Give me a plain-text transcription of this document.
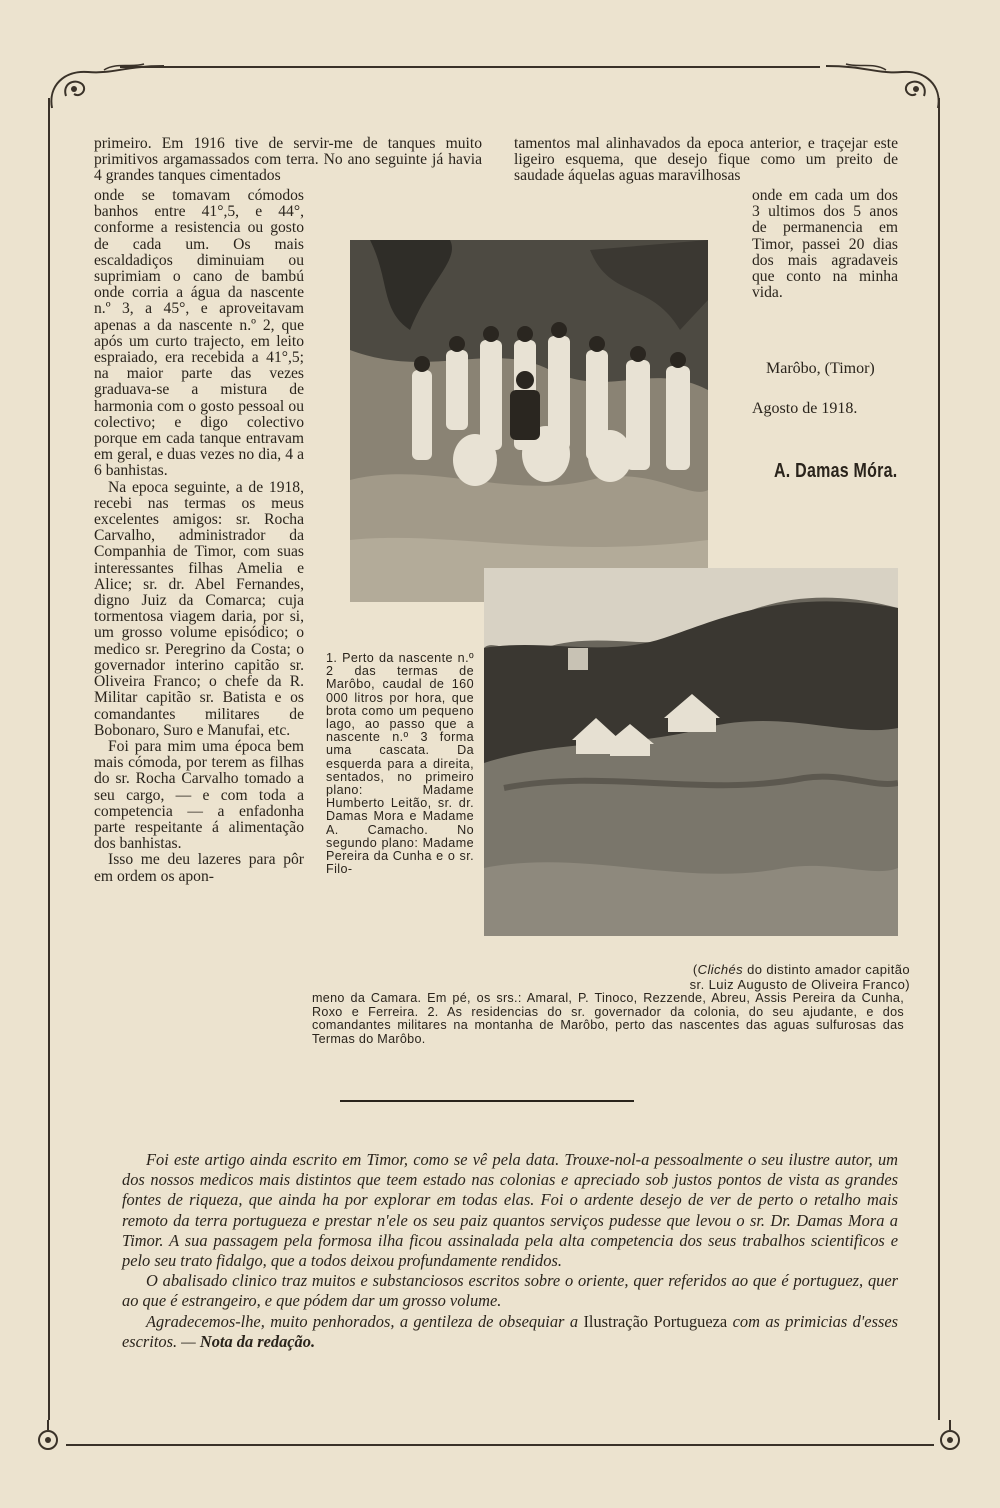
primeiro. Em 1916 tive de servir-me de tanques muito primitivos argamassados com terra. No ano seguinte já havia 4 grandes tanques cimentados

onde se tomavam cómodos banhos entre 41°,5, e 44°, conforme a resistencia ou gosto de cada um. Os mais escaldadiços diminuiam ou suprimiam o cano de bambú onde corria a água da nascente n.º 3, a 45°, e aproveitavam apenas a da nascente n.º 2, que após um curto trajecto, em leito espraiado, era recebida a 41°,5; na maior parte das vezes graduava-se a mistura de harmonia com o gosto pessoal ou colectivo; e digo colectivo porque em cada tanque entravam em geral, e duas vezes no dia, 4 a 6 banhistas.

Na epoca seguinte, a de 1918, recebi nas termas os meus excelentes amigos: sr. Rocha Carvalho, administrador da Companhia de Timor, com suas interessantes filhas Amelia e Alice; sr. dr. Abel Fernandes, digno Juiz da Comarca; cuja tormentosa viagem daria, por si, um grosso volume episódico; o medico sr. Peregrino da Costa; o governador interino capitão sr. Oliveira Franco; o chefe da R. Militar capitão sr. Batista e os comandantes militares de Bobonaro, Suro e Manufai, etc.

Foi para mim uma época bem mais cómoda, por terem as filhas do sr. Rocha Carvalho tomado a seu cargo, — e com toda a competencia — a enfadonha parte respeitante á alimentação dos banhistas.

Isso me deu lazeres para pôr em ordem os apon-

tamentos mal alinhavados da epoca anterior, e traçejar este ligeiro esquema, que desejo fique como um preito de saudade áquelas aguas maravilhosas

onde em cada um dos 3 ultimos dos 5 anos de permanencia em Timor, passei 20 dias dos mais agradaveis que conto na minha vida.

Marôbo, (Timor)
Agosto de 1918.
A. Damas Móra.
1. Perto da nascente n.º 2 das termas de Marôbo, caudal de 160 000 litros por hora, que brota como um pequeno lago, ao passo que a nascente n.º 3 forma uma cascata. Da esquerda para a direita, sentados, no primeiro plano: Madame Humberto Leitão, sr. dr. Damas Mora e Madame A. Camacho. No segundo plano: Madame Pereira da Cunha e o sr. Filo-
(Clichés do distinto amador capitão
sr. Luiz Augusto de Oliveira Franco)
meno da Camara. Em pé, os srs.: Amaral, P. Tinoco, Rezzende, Abreu, Assis Pereira da Cunha, Roxo e Ferreira. 2. As residencias do sr. governador da colonia, do seu ajudante, e dos comandantes militares na montanha de Marôbo, perto das nascentes das aguas sulfurosas das Termas do Marôbo.

Foi este artigo ainda escrito em Timor, como se vê pela data. Trouxe-nol-a pessoalmente o seu ilustre autor, um dos nossos medicos mais distintos que teem estado nas colonias e apreciado sob justos pontos de vista as grandes fontes de riqueza, que ainda ha por explorar em todas elas. Foi o ardente desejo de ver de perto o retalho mais remoto da terra portugueza e prestar n'ele os seu paiz quantos serviços pudesse que levou o sr. Dr. Damas Mora a Timor. A sua passagem pela formosa ilha ficou assinalada pela alta competencia dos seus trabalhos scientificos e pelo seu trato fidalgo, que a todos deixou profundamente rendidos.

O abalisado clinico traz muitos e substanciosos escritos sobre o oriente, quer referidos ao que é portuguez, quer ao que é estrangeiro, e que pódem dar um grosso volume.

Agradecemos-lhe, muito penhorados, a gentileza de obsequiar a Ilustração Portugueza com as primicias d'esses escritos. — Nota da redação.
